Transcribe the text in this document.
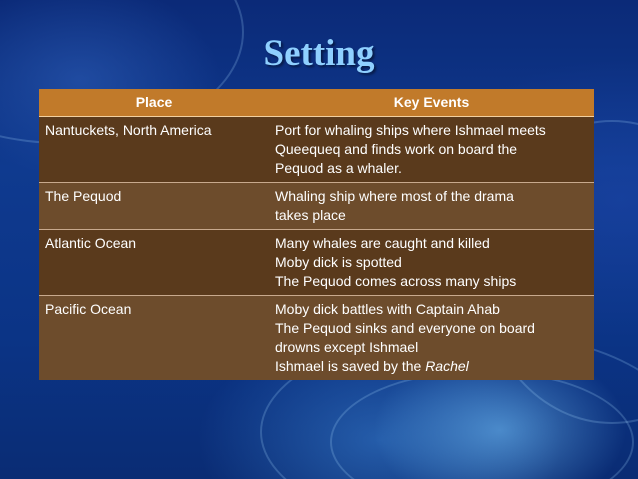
Setting
Place	Key Events
Nantuckets, North America	Port for whaling ships where Ishmael meets
Queequeq and finds work on board the
Pequod as a whaler.

The Pequod	Whaling ship where most of the drama
takes place

Atlantic Ocean	Many whales are caught and killed
Moby dick is spotted
The Pequod comes across many ships

Pacific Ocean	Moby dick battles with Captain Ahab
The Pequod sinks and everyone on board
drowns except Ishmael
Ishmael is saved by the Rachel
